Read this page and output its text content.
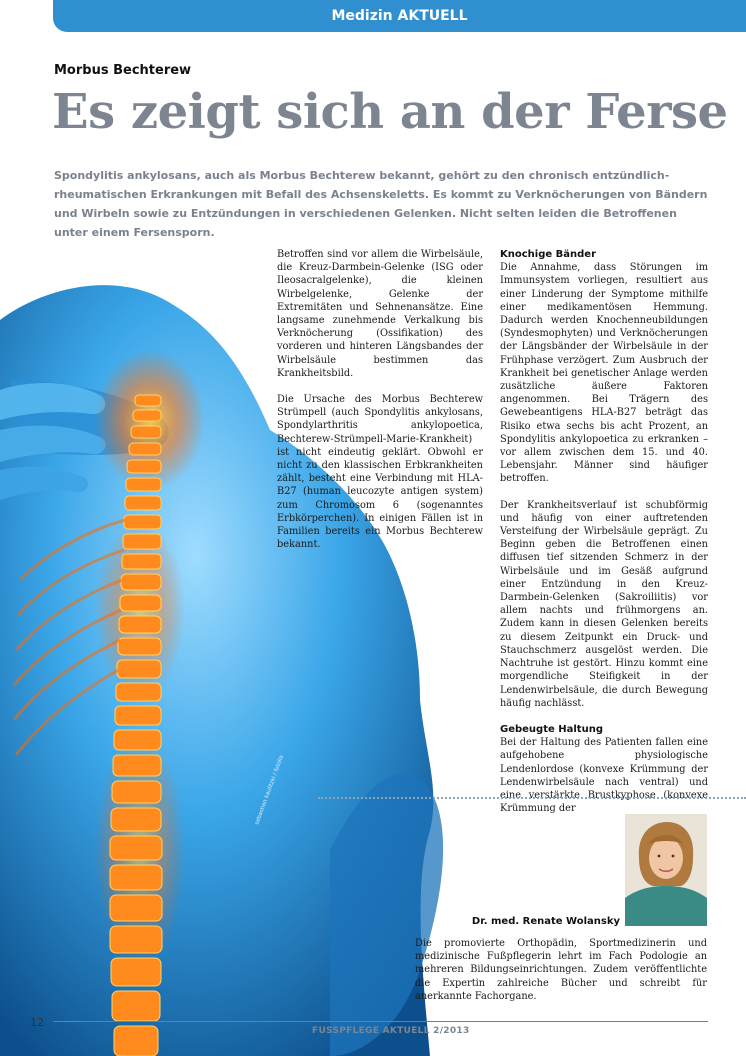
Medizin AKTUELL
Morbus Bechterew
Es zeigt sich an der Ferse

Spondylitis ankylosans, auch als Morbus Bechterew bekannt, gehört zu den chronisch entzündlich-rheumatischen Erkrankungen mit Befall des Achsenskeletts. Es kommt zu Verknöcherungen von Bändern und Wirbeln sowie zu Entzündungen in verschiedenen Gelenken. Nicht selten leiden die Betroffenen unter einem Fersensporn.

sebastian kaulitzki / fotolia

Betroffen sind vor allem die Wirbelsäule, die Kreuz-Darmbein-Gelenke (ISG oder Ileosacralgelenke), die kleinen Wirbelgelenke, Gelenke der Extremitäten und Sehnenansätze. Eine langsame zunehmende Verkalkung bis Verknöcherung (Ossifikation) des vorderen und hinteren Längsbandes der Wirbelsäule bestimmen das Krankheitsbild.

Die Ursache des Morbus Bechterew Strümpell (auch Spondylitis ankylosans, Spondylarthritis ankylopoetica, Bechterew-Strümpell-Marie-Krankheit) ist nicht eindeutig geklärt. Obwohl er nicht zu den klassischen Erbkrankheiten zählt, besteht eine Verbindung mit HLA-B27 (human leucozyte antigen system) zum Chromosom 6 (sogenanntes Erbkörperchen). In einigen Fällen ist in Familien bereits ein Morbus Bechterew bekannt.

Knochige Bänder

Die Annahme, dass Störungen im Immunsystem vorliegen, resultiert aus einer Linderung der Symptome mithilfe einer medikamentösen Hemmung. Dadurch werden Knochenneubildungen (Syndesmophyten) und Verknöcherungen der Längsbänder der Wirbelsäule in der Frühphase verzögert. Zum Ausbruch der Krankheit bei genetischer Anlage werden zusätzliche äußere Faktoren angenommen. Bei Trägern des Gewebeantigens HLA-B27 beträgt das Risiko etwa sechs bis acht Prozent, an Spondylitis ankylopoetica zu erkranken – vor allem zwischen dem 15. und 40. Lebensjahr. Männer sind häufiger betroffen.

Der Krankheitsverlauf ist schubförmig und häufig von einer auftretenden Versteifung der Wirbelsäule geprägt. Zu Beginn geben die Betroffenen einen diffusen tief sitzenden Schmerz in der Wirbelsäule und im Gesäß aufgrund einer Entzündung in den Kreuz-Darmbein-Gelenken (Sakroiliitis) vor allem nachts und frühmorgens an. Zudem kann in diesen Gelenken bereits zu diesem Zeitpunkt ein Druck- und Stauchschmerz ausgelöst werden. Die Nachtruhe ist gestört. Hinzu kommt eine morgendliche Steifigkeit in der Lendenwirbelsäule, die durch Bewegung häufig nachlässt.

Gebeugte Haltung

Bei der Haltung des Patienten fallen eine aufgehobene physiologische Lendenlordose (konvexe Krümmung der Lendenwirbelsäule nach ventral) und eine verstärkte Brustkyphose (konvexe Krümmung der

Dr. med. Renate Wolansky

Die promovierte Orthopädin, Sportmedizinerin und medizinische Fußpflegerin lehrt im Fach Podologie an mehreren Bildungseinrichtungen. Zudem veröffentlichte die Expertin zahlreiche Bücher und schreibt für anerkannte Fachorgane.

12
FUSSPFLEGE AKTUELL 2/2013
